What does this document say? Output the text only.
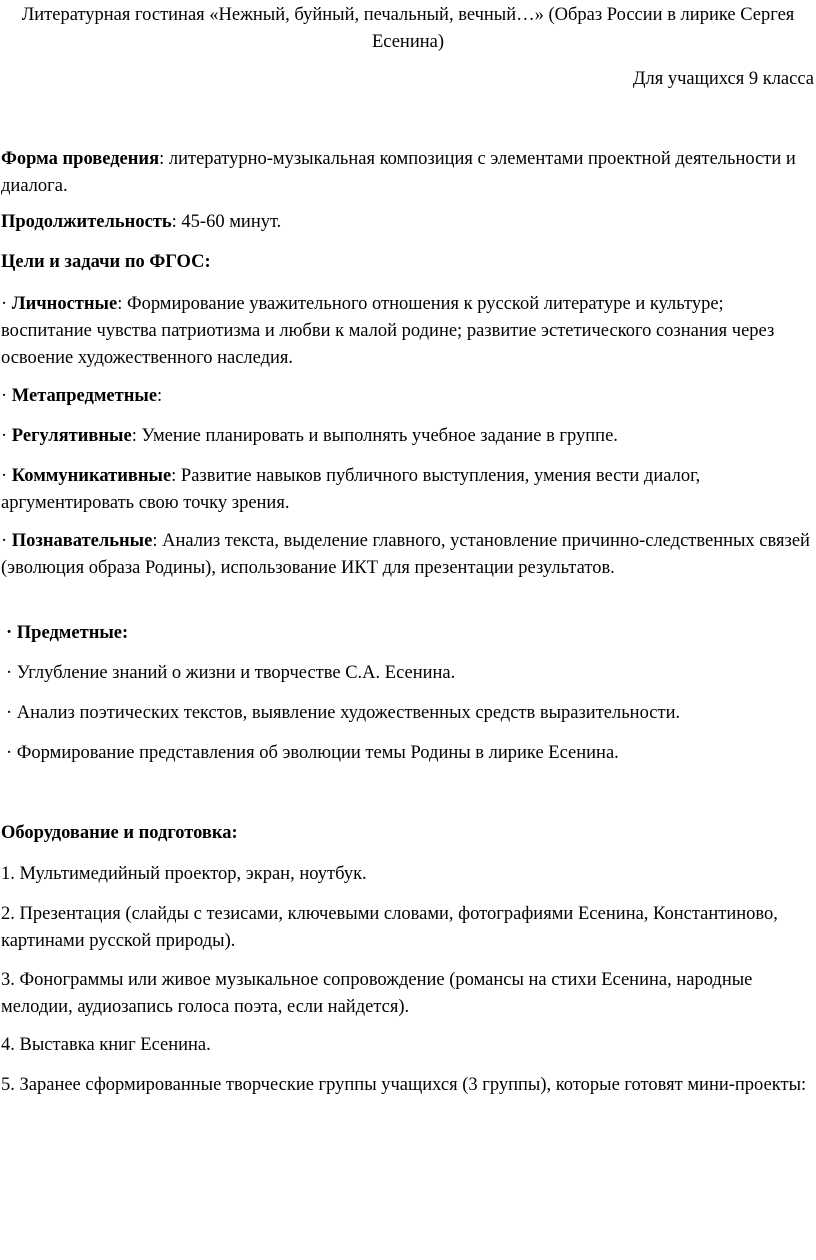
Литературная гостиная «Нежный, буйный, печальный, вечный…» (Образ России в лирике Сергея Есенина)
Для учащихся 9 класса

Форма проведения: литературно-музыкальная композиция с элементами проектной деятельности и диалога.

Продолжительность: 45-60 минут.

Цели и задачи по ФГОС:

· Личностные: Формирование уважительного отношения к русской литературе и культуре; воспитание чувства патриотизма и любви к малой родине; развитие эстетического сознания через освоение художественного наследия.

· Метапредметные:

· Регулятивные: Умение планировать и выполнять учебное задание в группе.

· Коммуникативные: Развитие навыков публичного выступления, умения вести диалог, аргументировать свою точку зрения.

· Познавательные: Анализ текста, выделение главного, установление причинно-следственных связей (эволюция образа Родины), использование ИКТ для презентации результатов.

· Предметные:

· Углубление знаний о жизни и творчестве С.А. Есенина.

· Анализ поэтических текстов, выявление художественных средств выразительности.

· Формирование представления об эволюции темы Родины в лирике Есенина.

Оборудование и подготовка:

1. Мультимедийный проектор, экран, ноутбук.

2. Презентация (слайды с тезисами, ключевыми словами, фотографиями Есенина, Константиново, картинами русской природы).

3. Фонограммы или живое музыкальное сопровождение (романсы на стихи Есенина, народные мелодии, аудиозапись голоса поэта, если найдется).

4. Выставка книг Есенина.

5. Заранее сформированные творческие группы учащихся (3 группы), которые готовят мини-проекты:
